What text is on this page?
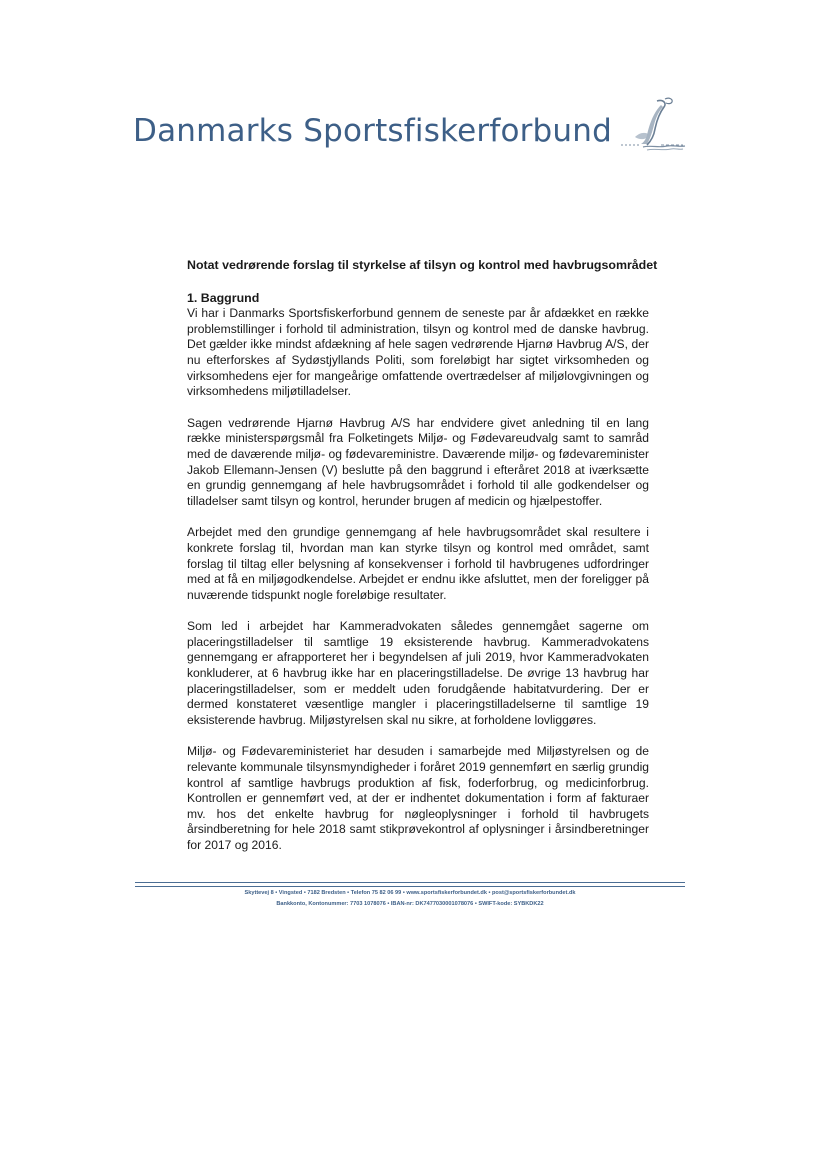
Danmarks Sportsfiskerforbund

Notat vedrørende forslag til styrkelse af tilsyn og kontrol med havbrugsområdet

1. Baggrund

Vi har i Danmarks Sportsfiskerforbund gennem de seneste par år afdækket en række problemstillinger i forhold til administration, tilsyn og kontrol med de danske havbrug. Det gælder ikke mindst afdækning af hele sagen vedrørende Hjarnø Havbrug A/S, der nu efterforskes af Sydøstjyllands Politi, som foreløbigt har sigtet virksomheden og virksomhedens ejer for mangeårige omfattende overtrædelser af miljølovgivningen og virksomhedens miljøtilladelser.

Sagen vedrørende Hjarnø Havbrug A/S har endvidere givet anledning til en lang række ministerspørgsmål fra Folketingets Miljø- og Fødevareudvalg samt to samråd med de daværende miljø- og fødevareministre. Daværende miljø- og fødevareminister Jakob Ellemann-Jensen (V) beslutte på den baggrund i efteråret 2018 at iværksætte en grundig gennemgang af hele havbrugsområdet i forhold til alle godkendelser og tilladelser samt tilsyn og kontrol, herunder brugen af medicin og hjælpestoffer.

Arbejdet med den grundige gennemgang af hele havbrugsområdet skal resultere i konkrete forslag til, hvordan man kan styrke tilsyn og kontrol med området, samt forslag til tiltag eller belysning af konsekvenser i forhold til havbrugenes udfordringer med at få en miljøgodkendelse. Arbejdet er endnu ikke afsluttet, men der foreligger på nuværende tidspunkt nogle foreløbige resultater.

Som led i arbejdet har Kammeradvokaten således gennemgået sagerne om placeringstilladelser til samtlige 19 eksisterende havbrug. Kammeradvokatens gennemgang er afrapporteret her i begyndelsen af juli 2019, hvor Kammeradvokaten konkluderer, at 6 havbrug ikke har en placeringstilladelse. De øvrige 13 havbrug har placeringstilladelser, som er meddelt uden forudgående habitatvurdering. Der er dermed konstateret væsentlige mangler i placeringstilladelserne til samtlige 19 eksisterende havbrug. Miljøstyrelsen skal nu sikre, at forholdene lovliggøres.

Miljø- og Fødevareministeriet har desuden i samarbejde med Miljøstyrelsen og de relevante kommunale tilsynsmyndigheder i foråret 2019 gennemført en særlig grundig kontrol af samtlige havbrugs produktion af fisk, foderforbrug, og medicinforbrug. Kontrollen er gennemført ved, at der er indhentet dokumentation i form af fakturaer mv. hos det enkelte havbrug for nøgleoplysninger i forhold til havbrugets årsindberetning for hele 2018 samt stikprøvekontrol af oplysninger i årsindberetninger for 2017 og 2016.

Skyttevej 8 • Vingsted • 7182 Bredsten • Telefon 75 82 06 99 • www.sportsfiskerforbundet.dk • post@sportsfiskerforbundet.dk
Bankkonto, Kontonummer: 7703 1078076 • IBAN-nr: DK7477030001078076 • SWIFT-kode: SYBKDK22
